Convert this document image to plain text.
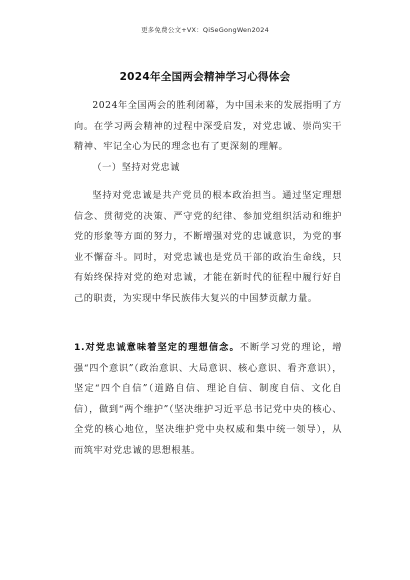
更多免费公文+VX：QiSeGongWen2024
2024年全国两会精神学习心得体会

2024年全国两会的胜利闭幕，为中国未来的发展指明了方向。在学习两会精神的过程中深受启发，对党忠诚、崇尚实干精神、牢记全心为民的理念也有了更深刻的理解。

（一）坚持对党忠诚

坚持对党忠诚是共产党员的根本政治担当。通过坚定理想信念、贯彻党的决策、严守党的纪律、参加党组织活动和维护党的形象等方面的努力，不断增强对党的忠诚意识，为党的事业不懈奋斗。同时，对党忠诚也是党员干部的政治生命线，只有始终保持对党的绝对忠诚，才能在新时代的征程中履行好自己的职责，为实现中华民族伟大复兴的中国梦贡献力量。

1.对党忠诚意味着坚定的理想信念。不断学习党的理论，增强“四个意识”（政治意识、大局意识、核心意识、看齐意识），坚定“四个自信”（道路自信、理论自信、制度自信、文化自信），做到“两个维护”（坚决维护习近平总书记党中央的核心、全党的核心地位，坚决维护党中央权威和集中统一领导），从而筑牢对党忠诚的思想根基。
